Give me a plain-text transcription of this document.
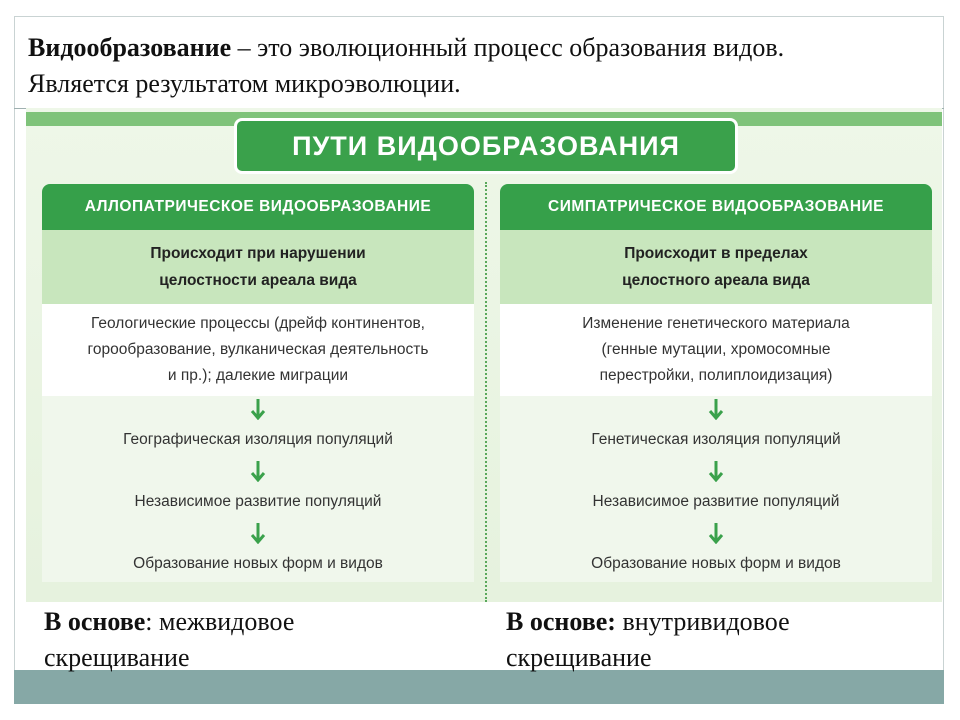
Видообразование – это эволюционный процесс образования видов.
Является результатом микроэволюции.
ПУТИ ВИДООБРАЗОВАНИЯ
АЛЛОПАТРИЧЕСКОЕ ВИДООБРАЗОВАНИЕ
Происходит при нарушении
целостности ареала вида
Геологические процессы (дрейф континентов,
горообразование, вулканическая деятельность
и пр.); далекие миграции
Географическая изоляция популяций
Независимое развитие популяций
Образование новых форм и видов
СИМПАТРИЧЕСКОЕ ВИДООБРАЗОВАНИЕ
Происходит в пределах
целостного ареала вида
Изменение генетического материала
(генные мутации, хромосомные
перестройки, полиплоидизация)
Генетическая изоляция популяций
Независимое развитие популяций
Образование новых форм и видов
В основе: межвидовое
скрещивание
В основе: внутривидовое
скрещивание
